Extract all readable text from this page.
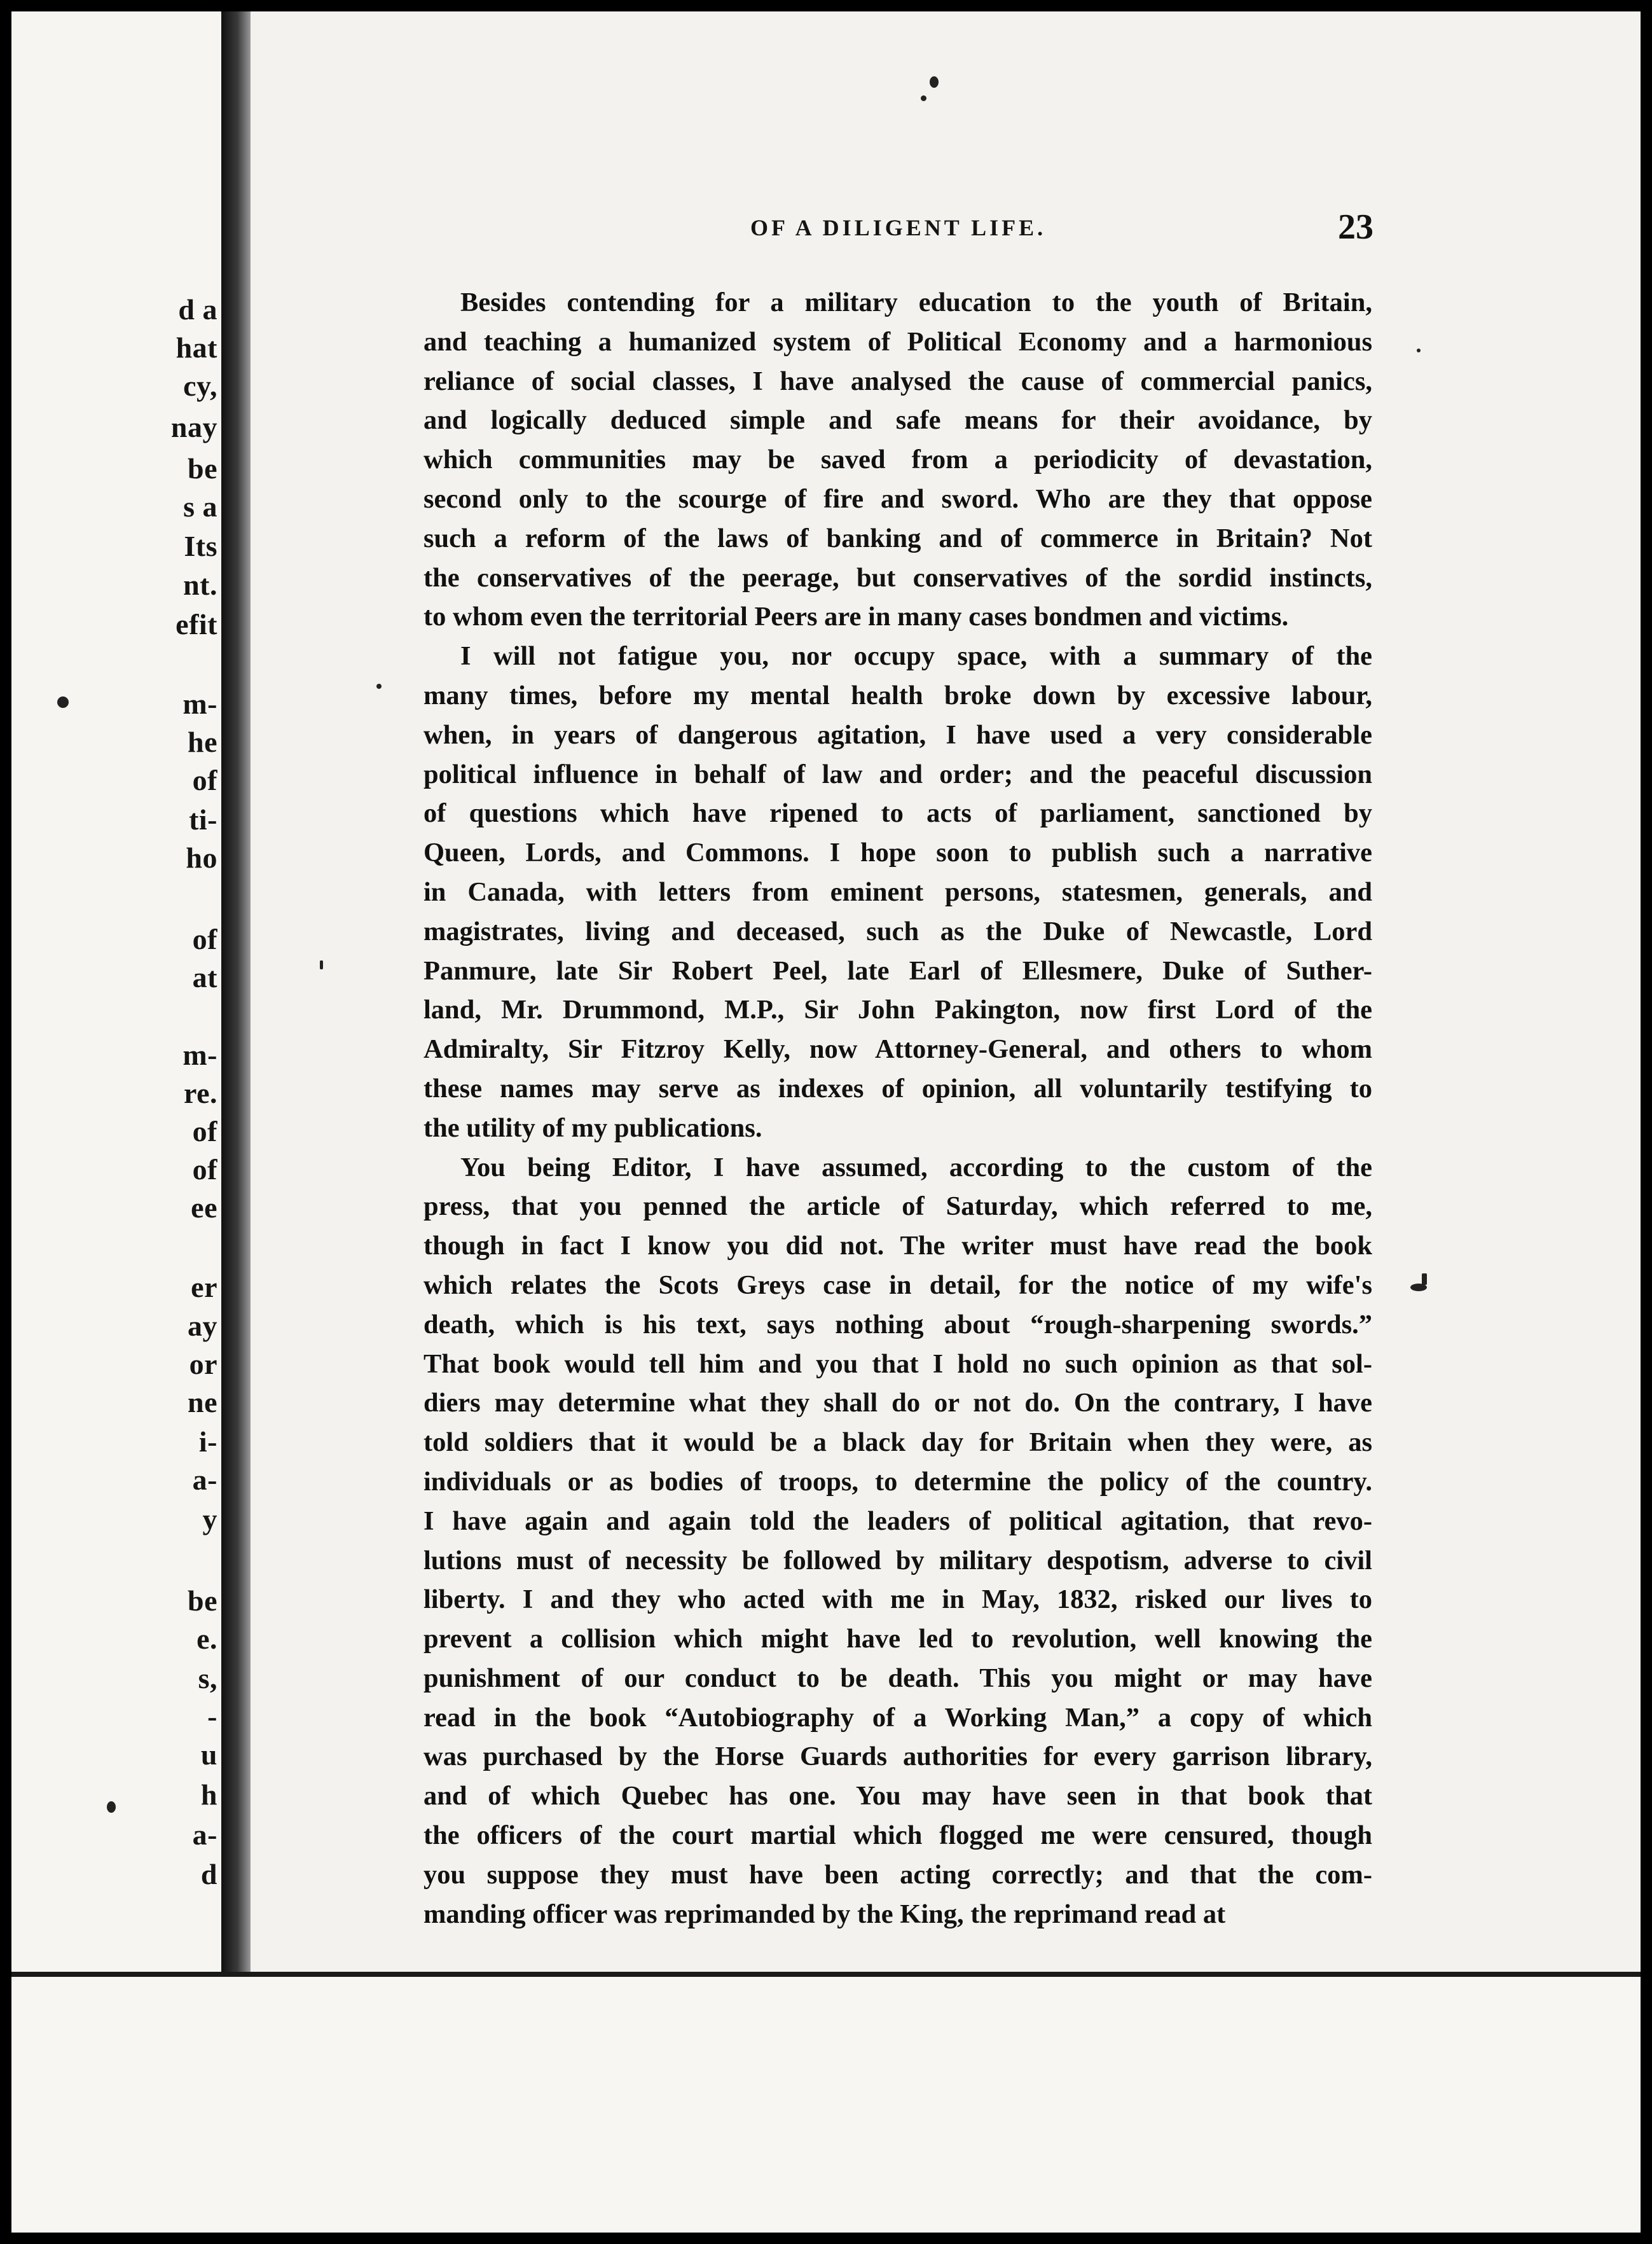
d a
hat
cy,
nay
be
s a
Its
nt.
efit
m-
he
of
ti-
ho
of
at
m-
re.
of
of
ee
er
ay
or
ne
i-
a-
y
be
e.
s,
-
u
h
a-
d
OF A DILIGENT LIFE.	23
Besides contending for a military education to the youth of Britain,
and teaching a humanized system of Political Economy and a harmonious
reliance of social classes, I have analysed the cause of commercial panics,
and logically deduced simple and safe means for their avoidance, by
which communities may be saved from a periodicity of devastation,
second only to the scourge of fire and sword. Who are they that oppose
such a reform of the laws of banking and of commerce in Britain? Not
the conservatives of the peerage, but conservatives of the sordid instincts,
to whom even the territorial Peers are in many cases bondmen and victims.
I will not fatigue you, nor occupy space, with a summary of the
many times, before my mental health broke down by excessive labour,
when, in years of dangerous agitation, I have used a very considerable
political influence in behalf of law and order; and the peaceful discussion
of questions which have ripened to acts of parliament, sanctioned by
Queen, Lords, and Commons. I hope soon to publish such a narrative
in Canada, with letters from eminent persons, statesmen, generals, and
magistrates, living and deceased, such as the Duke of Newcastle, Lord
Panmure, late Sir Robert Peel, late Earl of Ellesmere, Duke of Suther-
land, Mr. Drummond, M.P., Sir John Pakington, now first Lord of the
Admiralty, Sir Fitzroy Kelly, now Attorney-General, and others to whom
these names may serve as indexes of opinion, all voluntarily testifying to
the utility of my publications.
You being Editor, I have assumed, according to the custom of the
press, that you penned the article of Saturday, which referred to me,
though in fact I know you did not. The writer must have read the book
which relates the Scots Greys case in detail, for the notice of my wife's
death, which is his text, says nothing about “rough-sharpening swords.”
That book would tell him and you that I hold no such opinion as that sol-
diers may determine what they shall do or not do. On the contrary, I have
told soldiers that it would be a black day for Britain when they were, as
individuals or as bodies of troops, to determine the policy of the country.
I have again and again told the leaders of political agitation, that revo-
lutions must of necessity be followed by military despotism, adverse to civil
liberty. I and they who acted with me in May, 1832, risked our lives to
prevent a collision which might have led to revolution, well knowing the
punishment of our conduct to be death. This you might or may have
read in the book “Autobiography of a Working Man,” a copy of which
was purchased by the Horse Guards authorities for every garrison library,
and of which Quebec has one. You may have seen in that book that
the officers of the court martial which flogged me were censured, though
you suppose they must have been acting correctly; and that the com-
manding officer was reprimanded by the King, the reprimand read at
